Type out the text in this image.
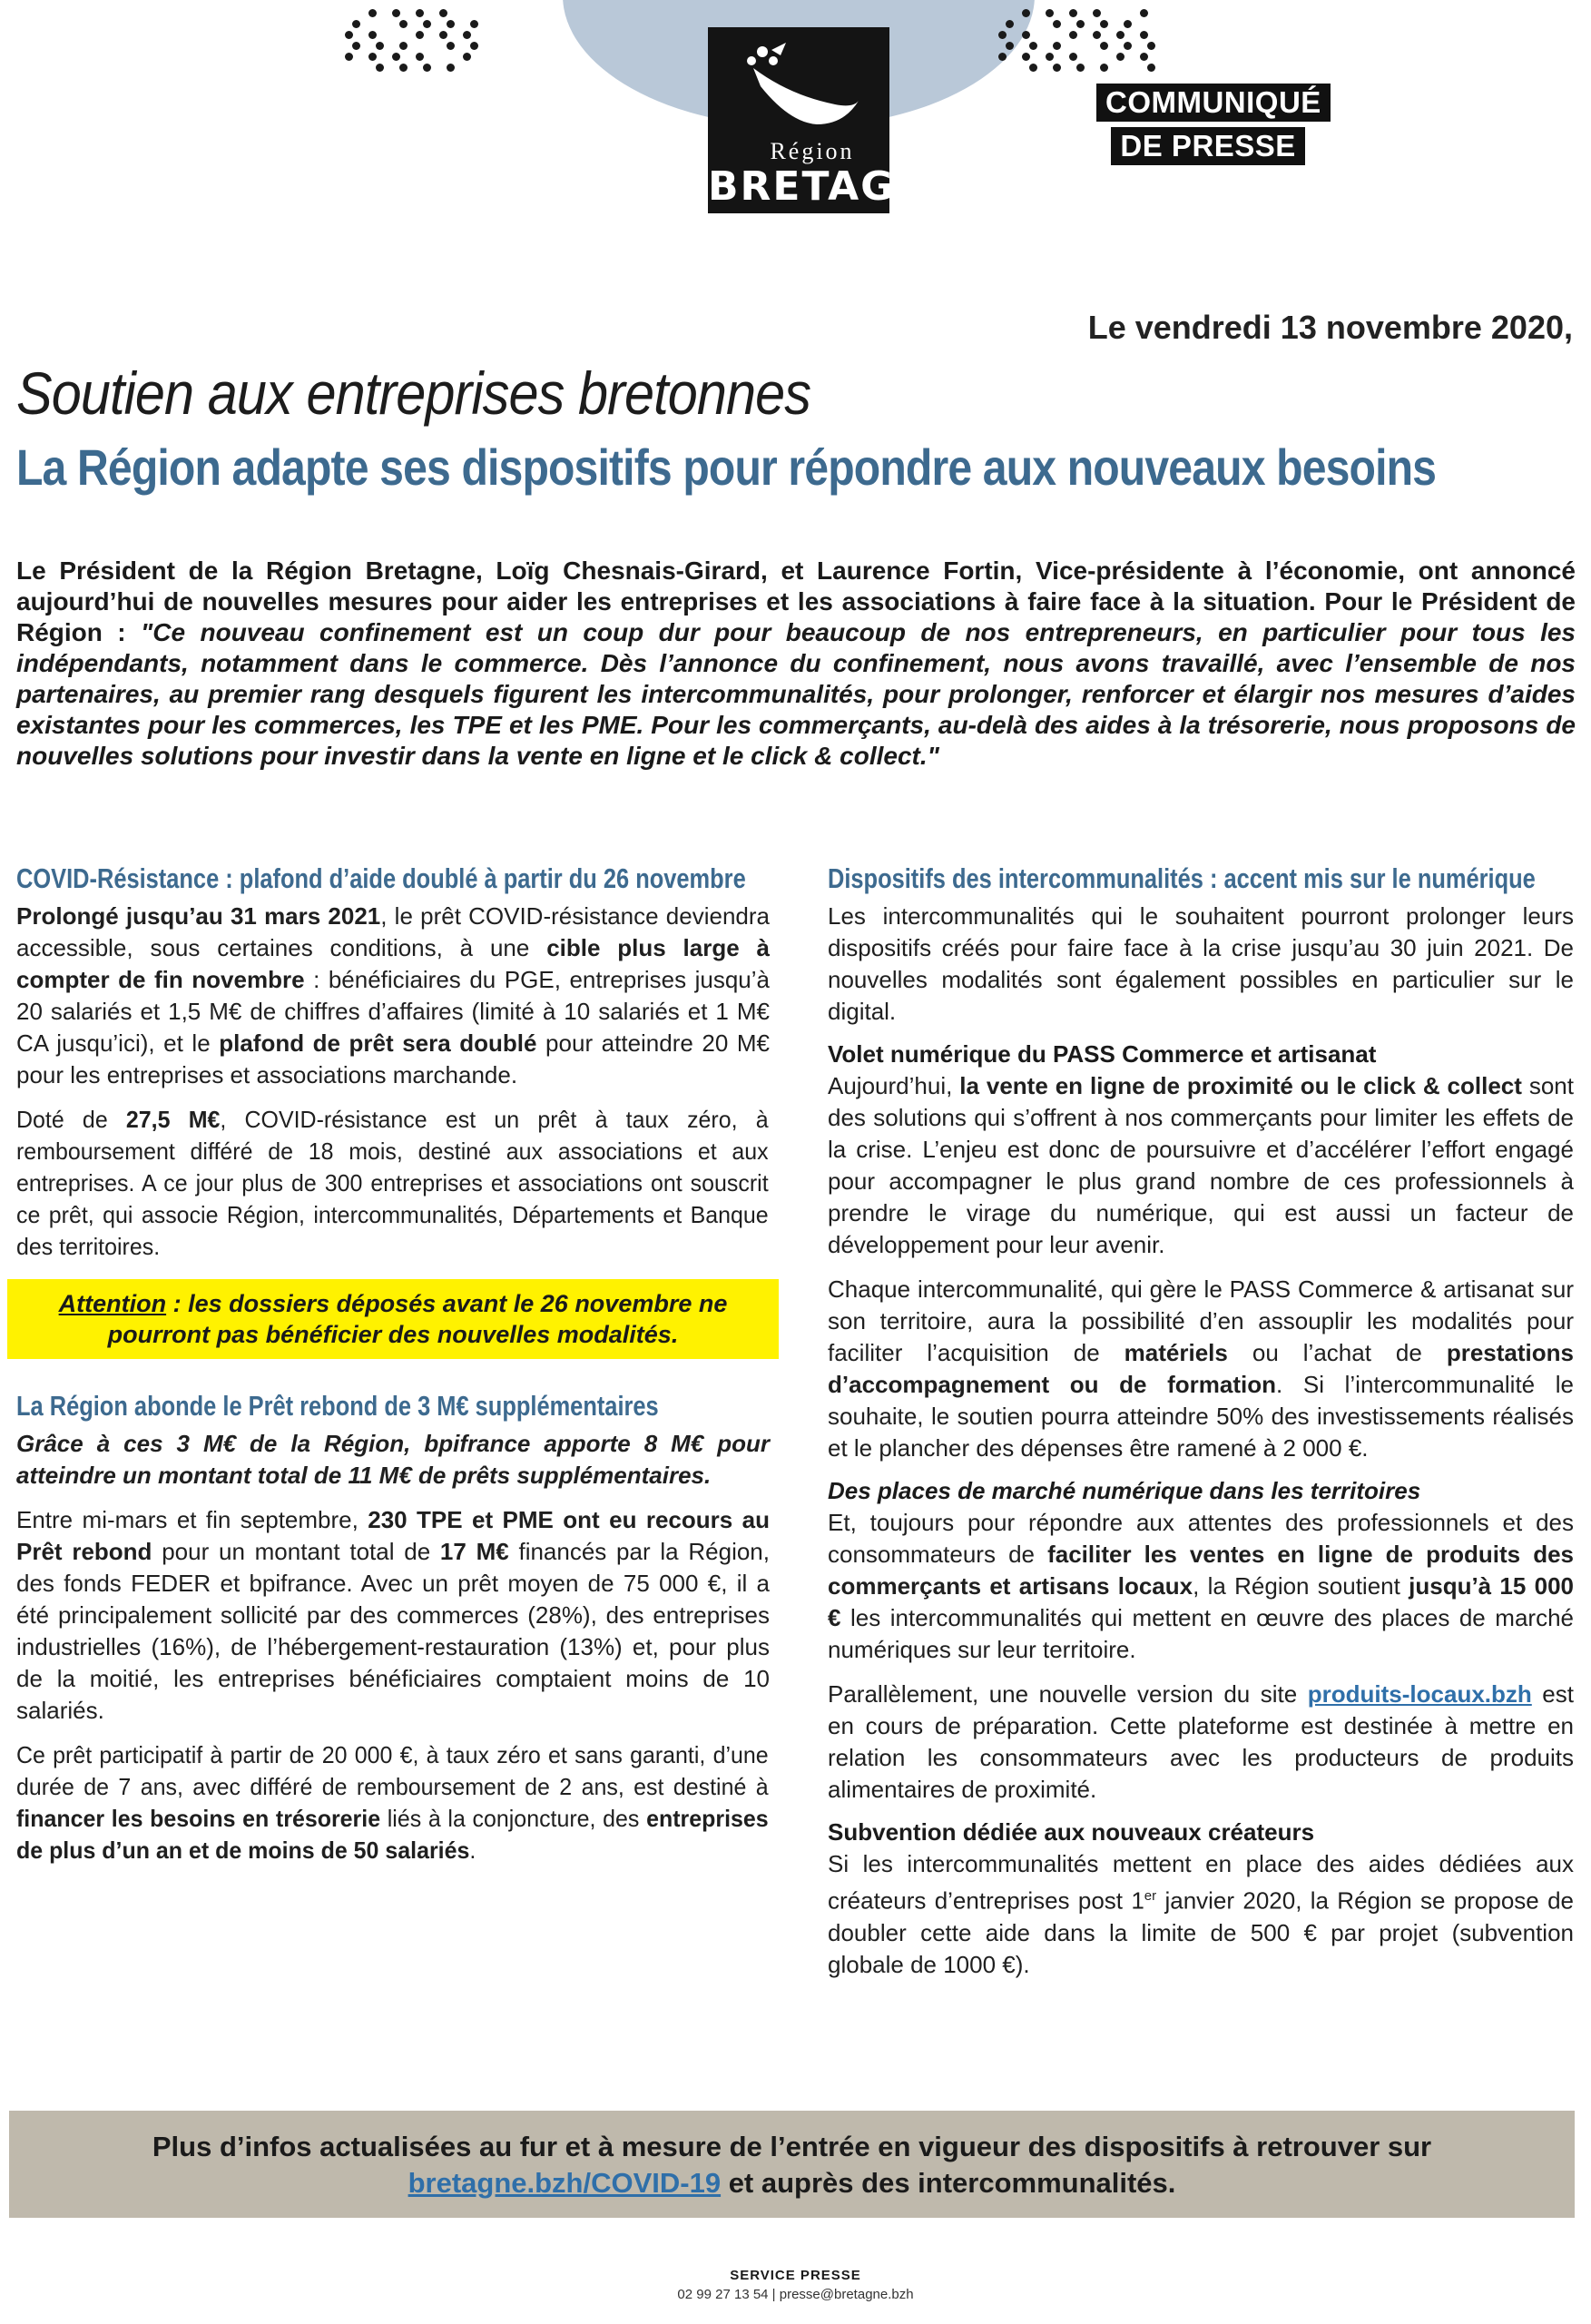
Région
BRETAGNE
COMMUNIQUÉ
DE PRESSE
Le vendredi 13 novembre 2020,
Soutien aux entreprises bretonnes
La Région adapte ses dispositifs pour répondre aux nouveaux besoins
Le Président de la Région Bretagne, Loïg Chesnais-Girard, et Laurence Fortin, Vice-présidente à l’économie, ont annoncé aujourd’hui de nouvelles mesures pour aider les entreprises et les associations à faire face à la situation. Pour le Président de Région : "Ce nouveau confinement est un coup dur pour beaucoup de nos entrepreneurs, en particulier pour tous les indépendants, notamment dans le commerce. Dès l’annonce du confinement, nous avons travaillé, avec l’ensemble de nos partenaires, au premier rang desquels figurent les intercommunalités, pour prolonger, renforcer et élargir nos mesures d’aides existantes pour les commerces, les TPE et les PME. Pour les commerçants, au-delà des aides à la trésorerie, nous proposons de nouvelles solutions pour investir dans la vente en ligne et le click & collect."
COVID-Résistance : plafond d’aide doublé à partir du 26 novembre

Prolongé jusqu’au 31 mars 2021, le prêt COVID-résistance deviendra accessible, sous certaines conditions, à une cible plus large à compter de fin novembre : bénéficiaires du PGE, entreprises jusqu’à 20 salariés et 1,5 M€ de chiffres d’affaires (limité à 10 salariés et 1 M€ CA jusqu’ici), et le plafond de prêt sera doublé pour atteindre 20 M€ pour les entreprises et associations marchande.

Doté de 27,5 M€, COVID-résistance est un prêt à taux zéro, à remboursement différé de 18 mois, destiné aux associations et aux entreprises. A ce jour plus de 300 entreprises et associations ont souscrit ce prêt, qui associe Région, intercommunalités, Départements et Banque des territoires.

Attention : les dossiers déposés avant le 26 novembre ne pourront pas bénéficier des nouvelles modalités.
La Région abonde le Prêt rebond de 3 M€ supplémentaires

Grâce à ces 3 M€ de la Région, bpifrance apporte 8 M€ pour atteindre un montant total de 11 M€ de prêts supplémentaires.

Entre mi-mars et fin septembre, 230 TPE et PME ont eu recours au Prêt rebond pour un montant total de 17 M€ financés par la Région, des fonds FEDER et bpifrance. Avec un prêt moyen de 75 000 €, il a été principalement sollicité par des commerces (28%), des entreprises industrielles (16%), de l’hébergement-restauration (13%) et, pour plus de la moitié, les entreprises bénéficiaires comptaient moins de 10 salariés.

Ce prêt participatif à partir de 20 000 €, à taux zéro et sans garanti, d’une durée de 7 ans, avec différé de remboursement de 2 ans, est destiné à financer les besoins en trésorerie liés à la conjoncture, des entreprises de plus d’un an et de moins de 50 salariés.

Dispositifs des intercommunalités : accent mis sur le numérique

Les intercommunalités qui le souhaitent pourront prolonger leurs dispositifs créés pour faire face à la crise jusqu’au 30 juin 2021. De nouvelles modalités sont également possibles en particulier sur le digital.

Volet numérique du PASS Commerce et artisanat

Aujourd’hui, la vente en ligne de proximité ou le click & collect sont des solutions qui s’offrent à nos commerçants pour limiter les effets de la crise. L’enjeu est donc de poursuivre et d’accélérer l’effort engagé pour accompagner le plus grand nombre de ces professionnels à prendre le virage du numérique, qui est aussi un facteur de développement pour leur avenir.

Chaque intercommunalité, qui gère le PASS Commerce & artisanat sur son territoire, aura la possibilité d’en assouplir les modalités pour faciliter l’acquisition de matériels ou l’achat de prestations d’accompagnement ou de formation. Si l’intercommunalité le souhaite, le soutien pourra atteindre 50% des investissements réalisés et le plancher des dépenses être ramené à 2 000 €.

Des places de marché numérique dans les territoires

Et, toujours pour répondre aux attentes des professionnels et des consommateurs de faciliter les ventes en ligne de produits des commerçants et artisans locaux, la Région soutient jusqu’à 15 000 € les intercommunalités qui mettent en œuvre des places de marché numériques sur leur territoire.

Parallèlement, une nouvelle version du site produits-locaux.bzh est en cours de préparation. Cette plateforme est destinée à mettre en relation les consommateurs avec les producteurs de produits alimentaires de proximité.

Subvention dédiée aux nouveaux créateurs

Si les intercommunalités mettent en place des aides dédiées aux créateurs d’entreprises post 1er janvier 2020, la Région se propose de doubler cette aide dans la limite de 500 € par projet (subvention globale de 1000 €).

Plus d’infos actualisées au fur et à mesure de l’entrée en vigueur des dispositifs à retrouver sur
bretagne.bzh/COVID-19 et auprès des intercommunalités.
SERVICE PRESSE
02 99 27 13 54 | presse@bretagne.bzh
